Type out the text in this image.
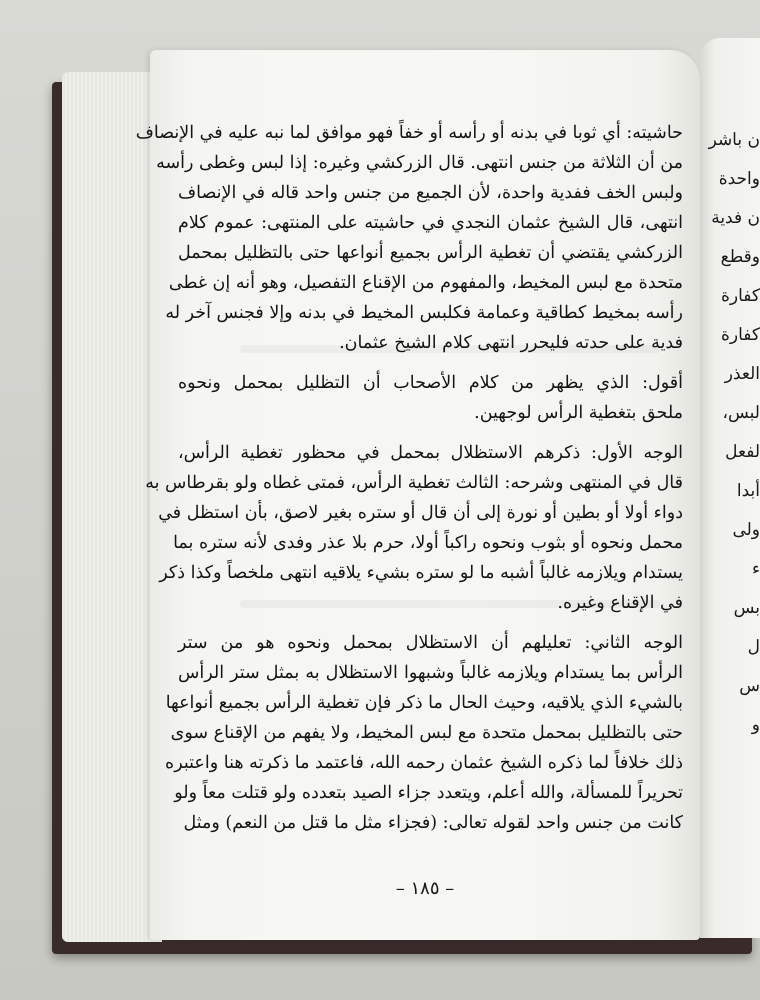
ن باشر
واحدة
ن فدية
وقطع
كفارة
كفارة
العذر
لبس،
لفعل
أبدا
ولى
ء
بس
ل
س
و

حاشيته: أي ثوبا في بدنه أو رأسه أو خفاً فهو موافق لما نبه عليه في الإنصاف
من أن الثلاثة من جنس انتهى. قال الزركشي وغيره: إذا لبس وغطى رأسه
ولبس الخف ففدية واحدة، لأن الجميع من جنس واحد قاله في الإنصاف
انتهى، قال الشيخ عثمان النجدي في حاشيته على المنتهى: عموم كلام
الزركشي يقتضي أن تغطية الرأس بجميع أنواعها حتى بالتظليل بمحمل
متحدة مع لبس المخيط، والمفهوم من الإقناع التفصيل، وهو أنه إن غطى
رأسه بمخيط كطاقية وعمامة فكلبس المخيط في بدنه وإلا فجنس آخر له
فدية على حدته فليحرر انتهى كلام الشيخ عثمان.

أقول: الذي يظهر من كلام الأصحاب أن التظليل بمحمل ونحوه
ملحق بتغطية الرأس لوجهين.

الوجه الأول: ذكرهم الاستظلال بمحمل في محظور تغطية الرأس،
قال في المنتهى وشرحه: الثالث تغطية الرأس، فمتى غطاه ولو بقرطاس به
دواء أولا أو بطين أو نورة إلى أن قال أو ستره بغير لاصق، بأن استظل في
محمل ونحوه أو بثوب ونحوه راكباً أولا، حرم بلا عذر وفدى لأنه ستره بما
يستدام ويلازمه غالباً أشبه ما لو ستره بشيء يلاقيه انتهى ملخصاً وكذا ذكر
في الإقناع وغيره.

الوجه الثاني: تعليلهم أن الاستظلال بمحمل ونحوه هو من ستر
الرأس بما يستدام ويلازمه غالباً وشبهوا الاستظلال به بمثل ستر الرأس
بالشيء الذي يلاقيه، وحيث الحال ما ذكر فإن تغطية الرأس بجميع أنواعها
حتى بالتظليل بمحمل متحدة مع لبس المخيط، ولا يفهم من الإقناع سوى
ذلك خلافاً لما ذكره الشيخ عثمان رحمه الله، فاعتمد ما ذكرته هنا واعتبره
تحريراً للمسألة، والله أعلم، ويتعدد جزاء الصيد بتعدده ولو قتلت معاً ولو
كانت من جنس واحد لقوله تعالى: (فجزاء مثل ما قتل من النعم) ومثل

– ١٨٥ –
